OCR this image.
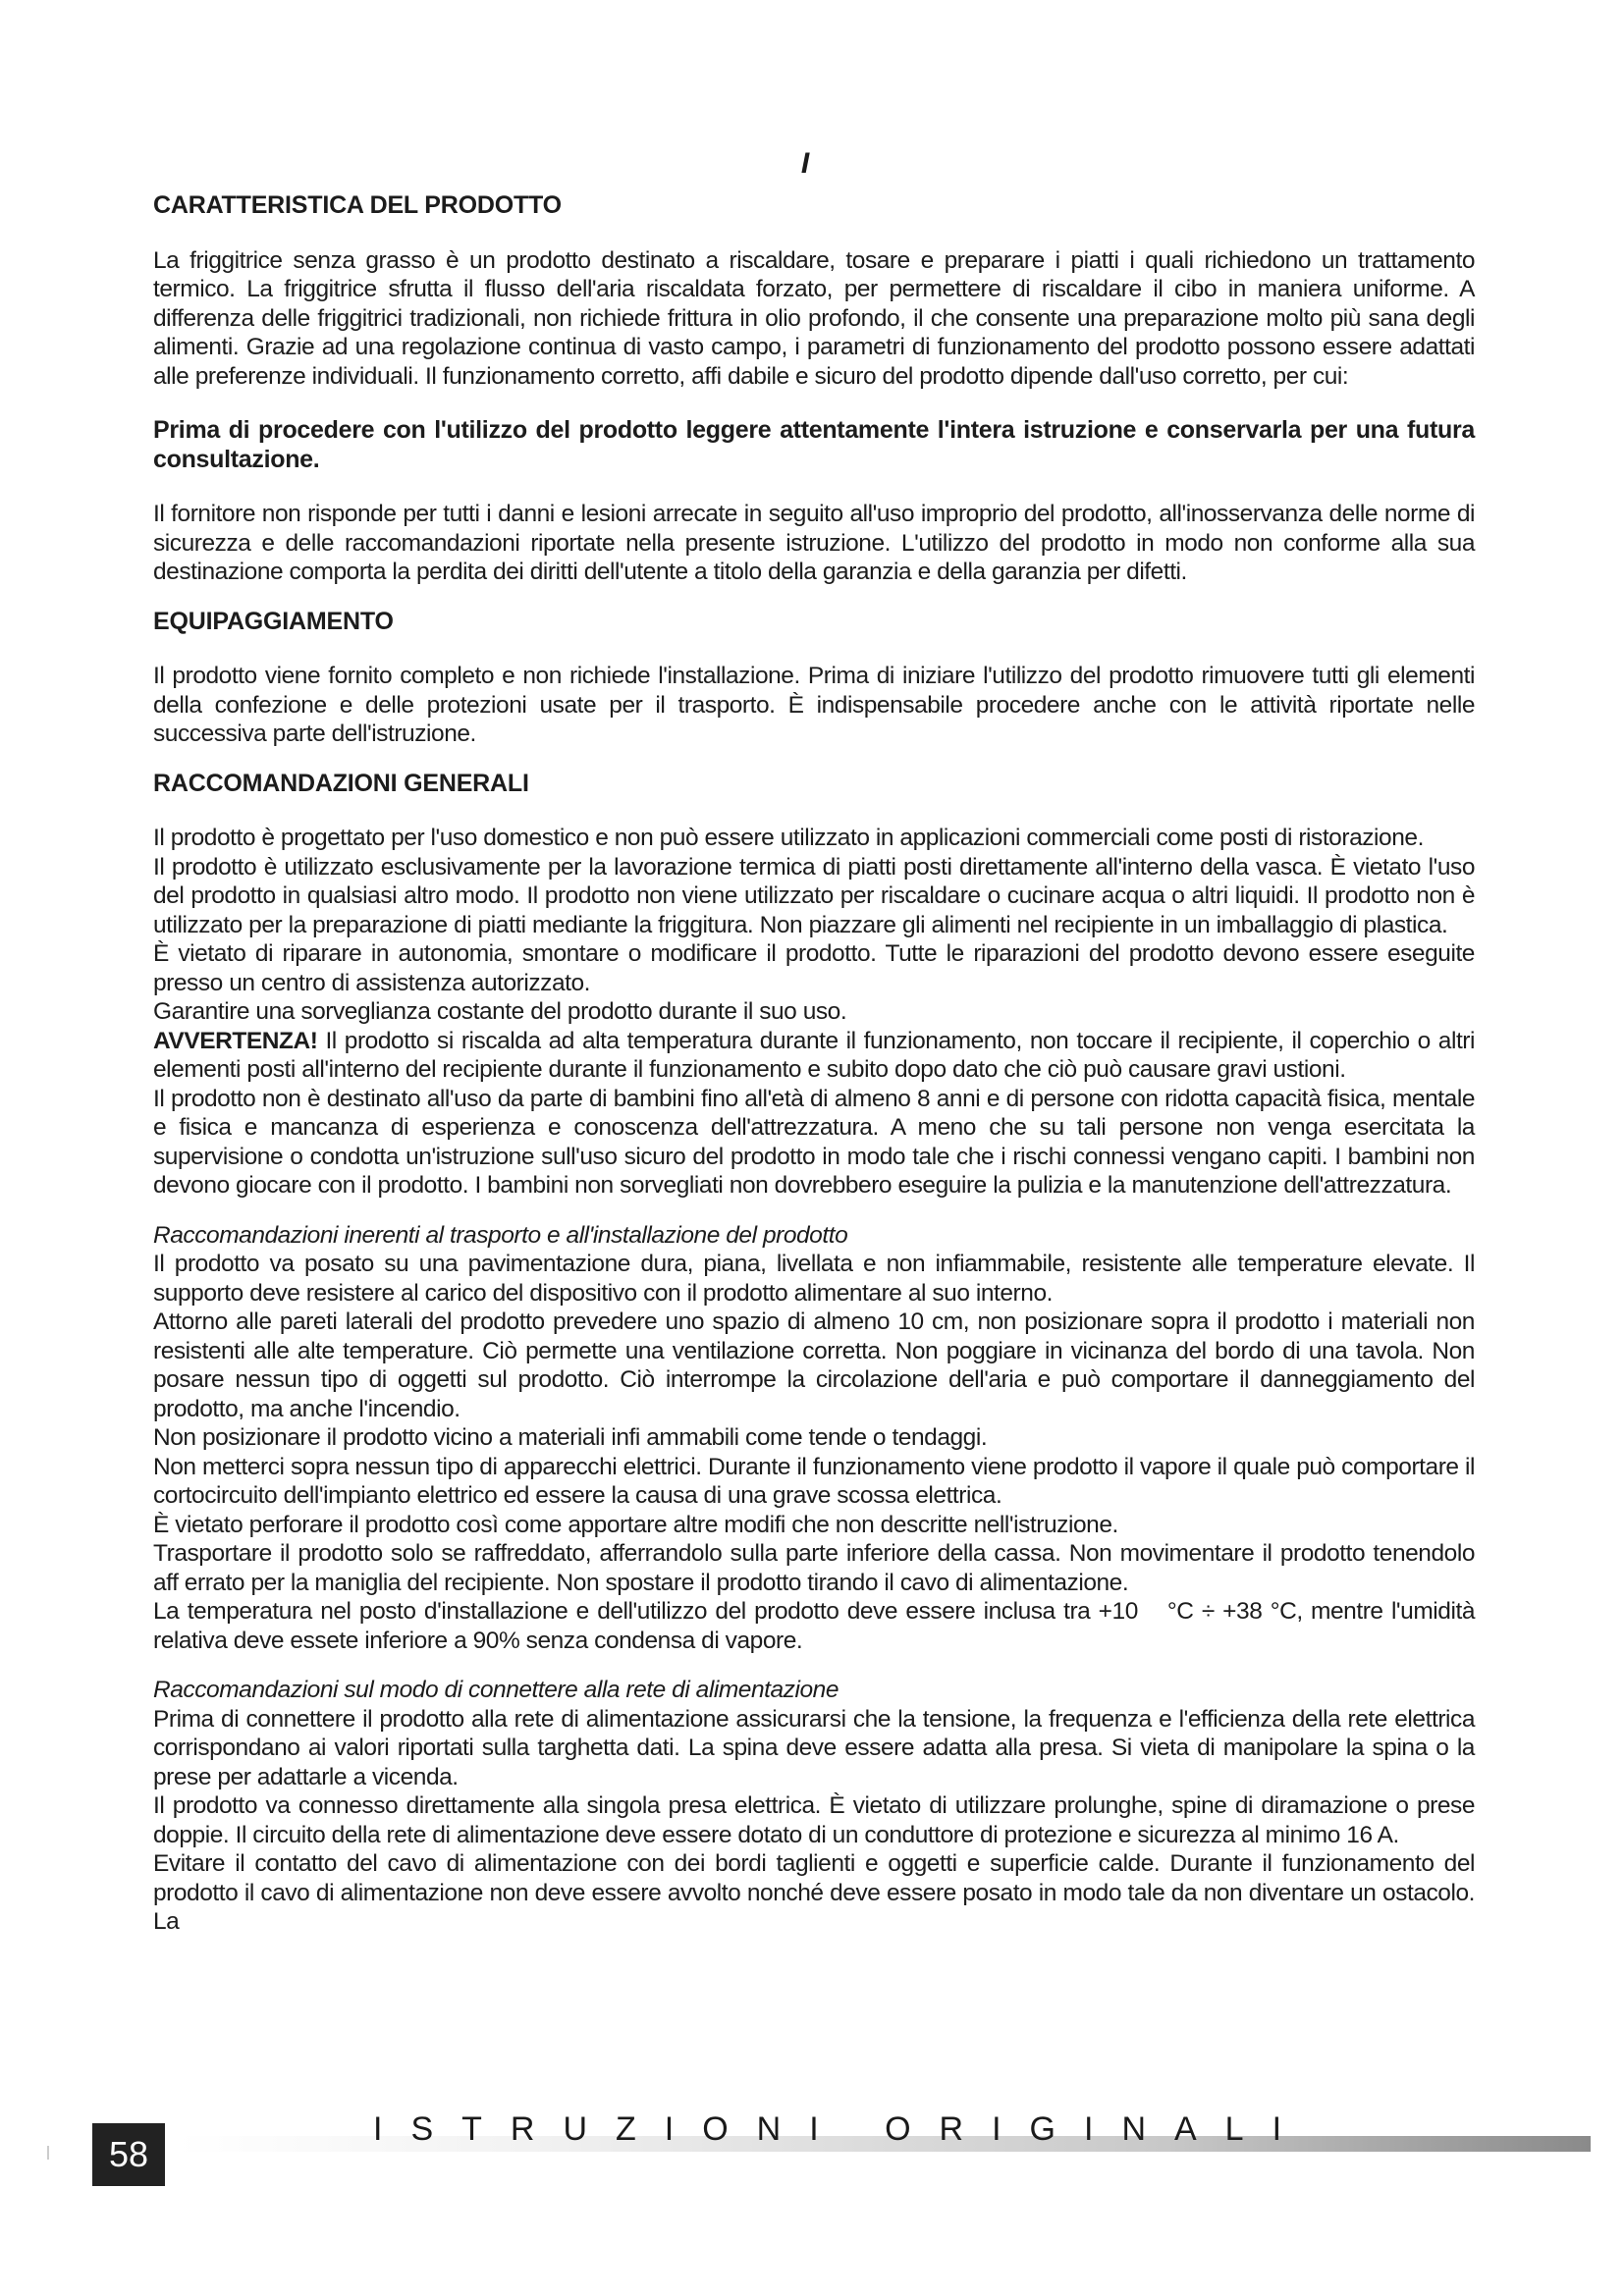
I

CARATTERISTICA DEL PRODOTTO

La friggitrice senza grasso è un prodotto destinato a riscaldare, tosare e preparare i piatti i quali richiedono un trattamento termico. La friggitrice sfrutta il flusso dell'aria riscaldata forzato, per permettere di riscaldare il cibo in maniera uniforme. A differenza delle friggitrici tradizionali, non richiede frittura in olio profondo, il che consente una preparazione molto più sana degli alimenti. Grazie ad una regolazione continua di vasto campo, i parametri di funzionamento del prodotto possono essere adattati alle preferenze individuali. Il funzionamento corretto, affi dabile e sicuro del prodotto dipende dall'uso corretto, per cui:

Prima di procedere con l'utilizzo del prodotto leggere attentamente l'intera istruzione e conservarla per una futura consultazione.

Il fornitore non risponde per tutti i danni e lesioni arrecate in seguito all'uso improprio del prodotto, all'inosservanza delle norme di sicurezza e delle raccomandazioni riportate nella presente istruzione. L'utilizzo del prodotto in modo non conforme alla sua destinazione comporta la perdita dei diritti dell'utente a titolo della garanzia e della garanzia per difetti.

EQUIPAGGIAMENTO

Il prodotto viene fornito completo e non richiede l'installazione. Prima di iniziare l'utilizzo del prodotto rimuovere tutti gli elementi della confezione e delle protezioni usate per il trasporto. È indispensabile procedere anche con le attività riportate nelle successiva parte dell'istruzione.

RACCOMANDAZIONI GENERALI

Il prodotto è progettato per l'uso domestico e non può essere utilizzato in applicazioni commerciali come posti di ristorazione.

Il prodotto è utilizzato esclusivamente per la lavorazione termica di piatti posti direttamente all'interno della vasca. È vietato l'uso del prodotto in qualsiasi altro modo. Il prodotto non viene utilizzato per riscaldare o cucinare acqua o altri liquidi. Il prodotto non è utilizzato per la preparazione di piatti mediante la friggitura. Non piazzare gli alimenti nel recipiente in un imballaggio di plastica.

È vietato di riparare in autonomia, smontare o modificare il prodotto. Tutte le riparazioni del prodotto devono essere eseguite presso un centro di assistenza autorizzato.

Garantire una sorveglianza costante del prodotto durante il suo uso.

AVVERTENZA! Il prodotto si riscalda ad alta temperatura durante il funzionamento, non toccare il recipiente, il coperchio o altri elementi posti all'interno del recipiente durante il funzionamento e subito dopo dato che ciò può causare gravi ustioni.

Il prodotto non è destinato all'uso da parte di bambini fino all'età di almeno 8 anni e di persone con ridotta capacità fisica, mentale e fisica e mancanza di esperienza e conoscenza dell'attrezzatura. A meno che su tali persone non venga esercitata la supervisione o condotta un'istruzione sull'uso sicuro del prodotto in modo tale che i rischi connessi vengano capiti. I bambini non devono giocare con il prodotto. I bambini non sorvegliati non dovrebbero eseguire la pulizia e la manutenzione dell'attrezzatura.

Raccomandazioni inerenti al trasporto e all'installazione del prodotto

Il prodotto va posato su una pavimentazione dura, piana, livellata e non infiammabile, resistente alle temperature elevate. Il supporto deve resistere al carico del dispositivo con il prodotto alimentare al suo interno.

Attorno alle pareti laterali del prodotto prevedere uno spazio di almeno 10 cm, non posizionare sopra il prodotto i materiali non resistenti alle alte temperature. Ciò permette una ventilazione corretta. Non poggiare in vicinanza del bordo di una tavola. Non posare nessun tipo di oggetti sul prodotto. Ciò interrompe la circolazione dell'aria e può comportare il danneggiamento del prodotto, ma anche l'incendio.

Non posizionare il prodotto vicino a materiali infi ammabili come tende o tendaggi.

Non metterci sopra nessun tipo di apparecchi elettrici. Durante il funzionamento viene prodotto il vapore il quale può comportare il cortocircuito dell'impianto elettrico ed essere la causa di una grave scossa elettrica.

È vietato perforare il prodotto così come apportare altre modifi che non descritte nell'istruzione.

Trasportare il prodotto solo se raffreddato, afferrandolo sulla parte inferiore della cassa. Non movimentare il prodotto tenendolo aff errato per la maniglia del recipiente. Non spostare il prodotto tirando il cavo di alimentazione.

La temperatura nel posto d'installazione e dell'utilizzo del prodotto deve essere inclusa tra +10 °C ÷ +38 °C, mentre l'umidità relativa deve essete inferiore a 90% senza condensa di vapore.

Raccomandazioni sul modo di connettere alla rete di alimentazione

Prima di connettere il prodotto alla rete di alimentazione assicurarsi che la tensione, la frequenza e l'efficienza della rete elettrica corrispondano ai valori riportati sulla targhetta dati. La spina deve essere adatta alla presa. Si vieta di manipolare la spina o la prese per adattarle a vicenda.

Il prodotto va connesso direttamente alla singola presa elettrica. È vietato di utilizzare prolunghe, spine di diramazione o prese doppie. Il circuito della rete di alimentazione deve essere dotato di un conduttore di protezione e sicurezza al minimo 16 A.

Evitare il contatto del cavo di alimentazione con dei bordi taglienti e oggetti e superficie calde. Durante il funzionamento del prodotto il cavo di alimentazione non deve essere avvolto nonché deve essere posato in modo tale da non diventare un ostacolo. La

58
ISTRUZIONI ORIGINALI
